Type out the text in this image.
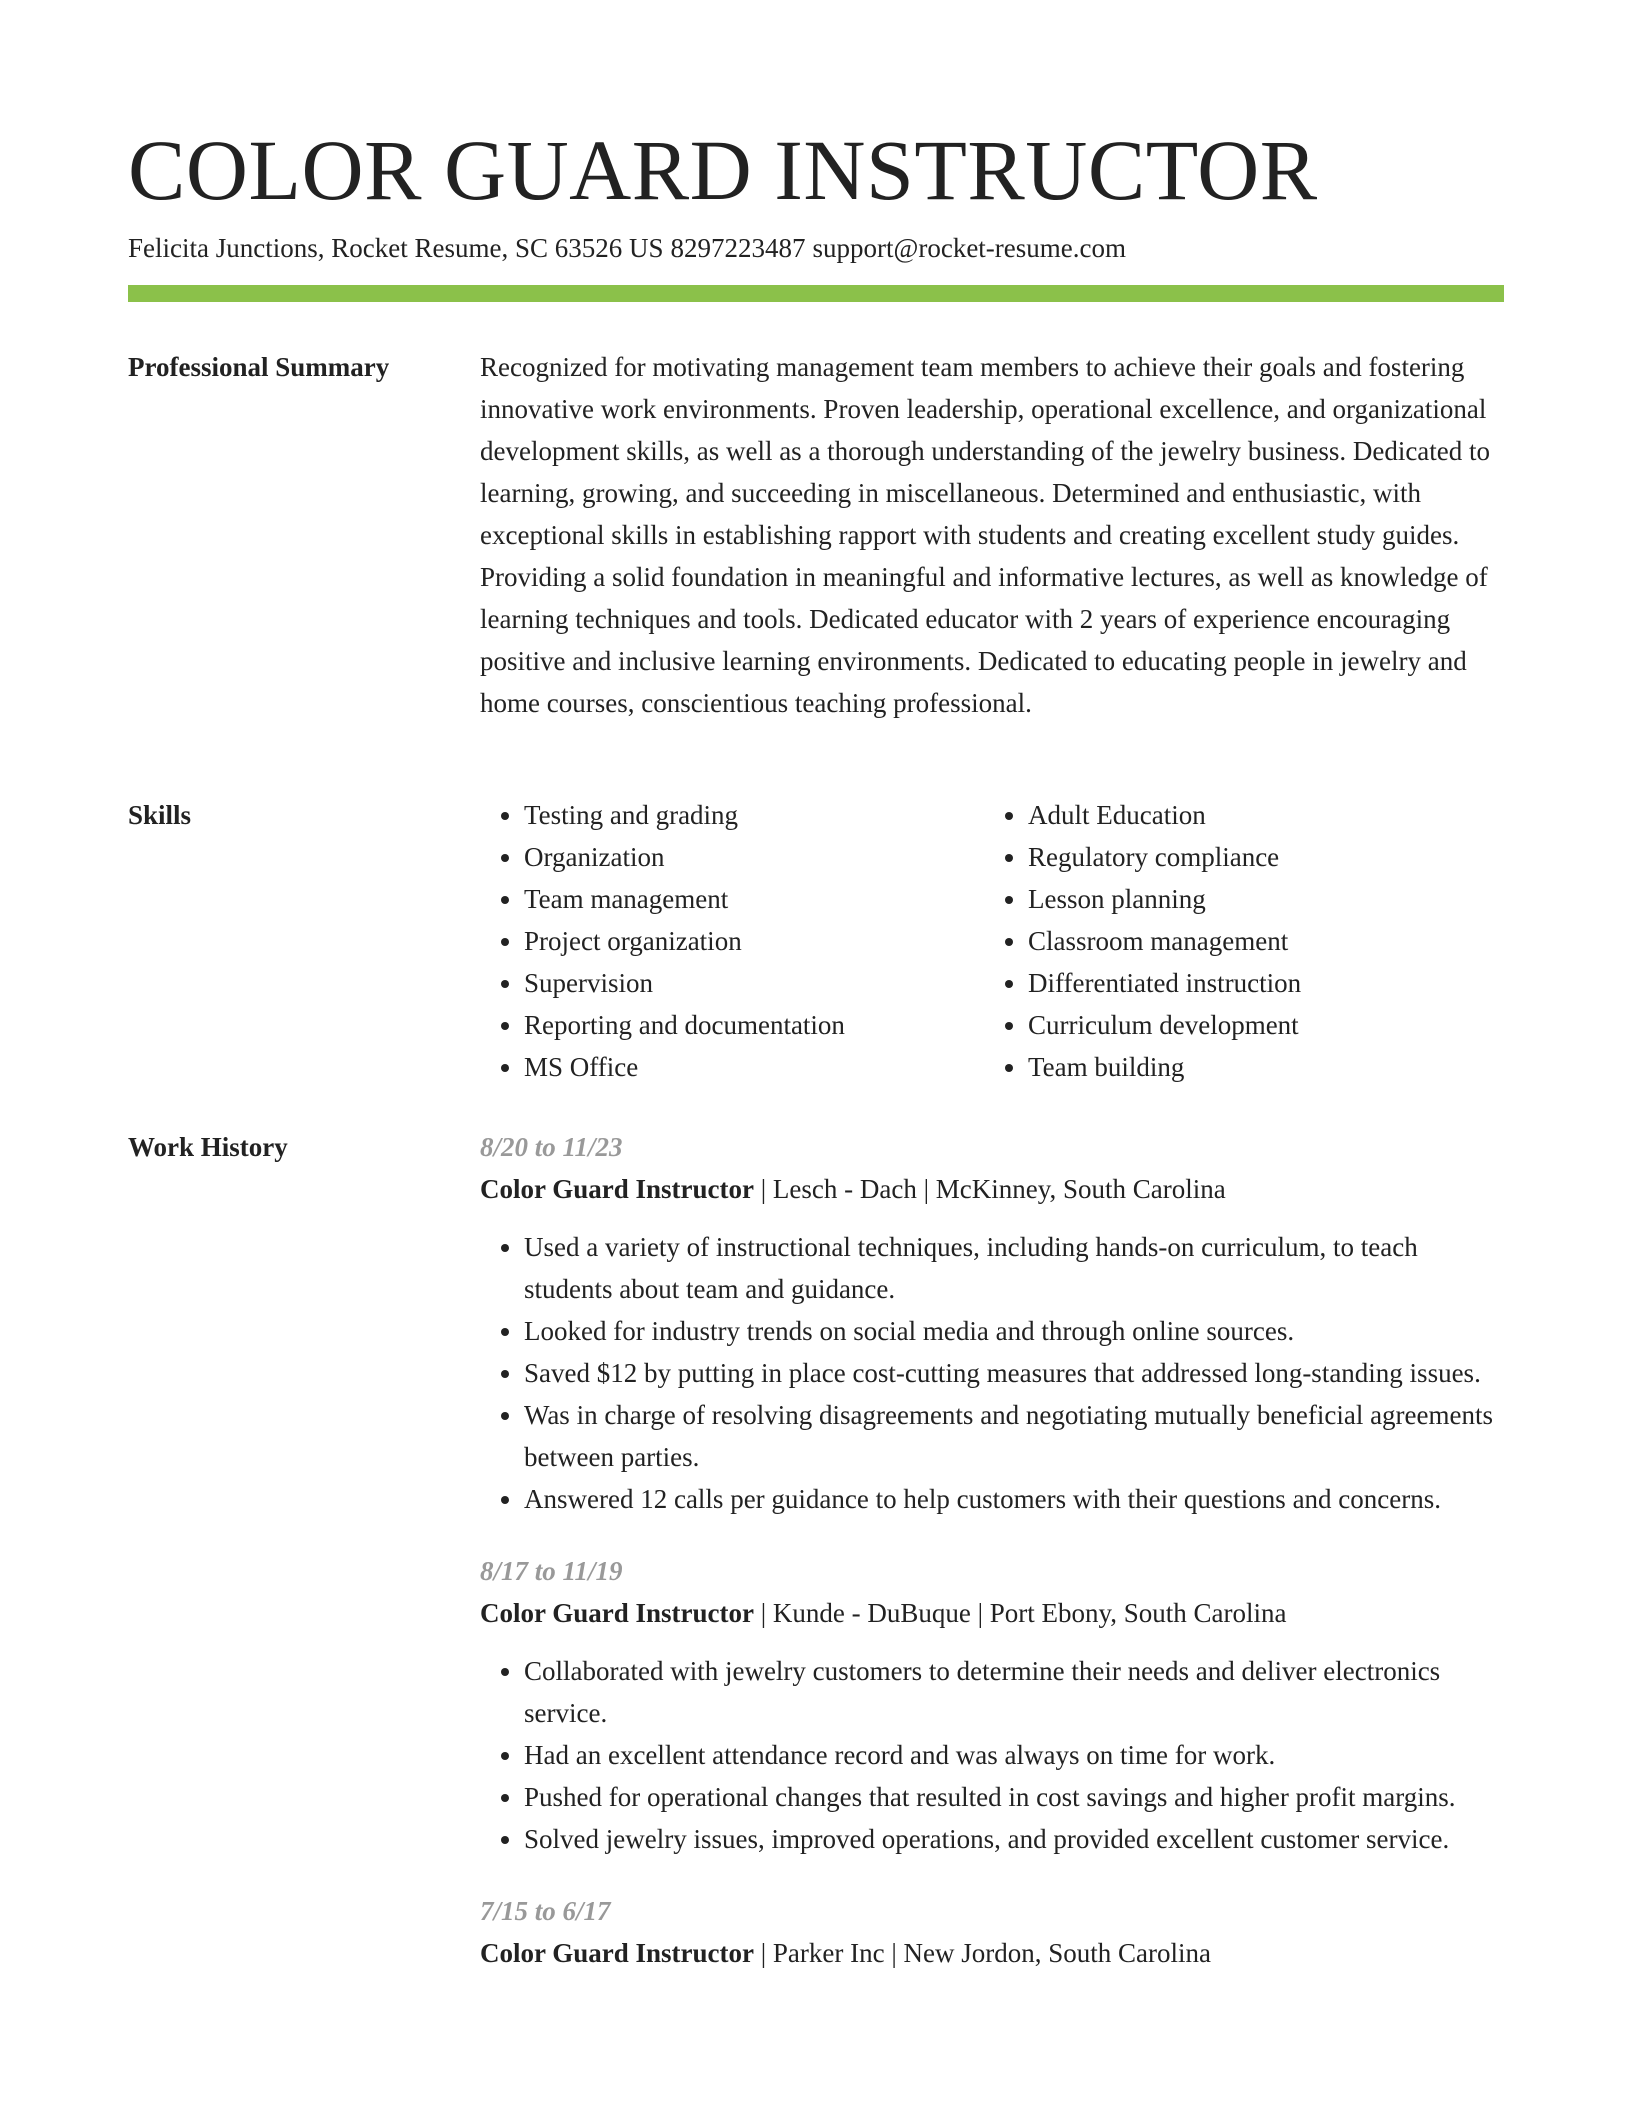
COLOR GUARD INSTRUCTOR
Felicita Junctions, Rocket Resume, SC 63526 US 8297223487 support@rocket-resume.com
Professional Summary	Recognized for motivating management team members to achieve their goals and fostering innovative work environments. Proven leadership, operational excellence, and organizational development skills, as well as a thorough understanding of the jewelry business. Dedicated to learning, growing, and succeeding in miscellaneous. Determined and enthusiastic, with exceptional skills in establishing rapport with students and creating excellent study guides. Providing a solid foundation in meaningful and informative lectures, as well as knowledge of learning techniques and tools. Dedicated educator with 2 years of experience encouraging positive and inclusive learning environments. Dedicated to educating people in jewelry and home courses, conscientious teaching professional.

Skills
•	Testing and grading
• Organization
• Team management
• Project organization
• Supervision
• Reporting and documentation
• MS Office
• Adult Education
• Regulatory compliance
• Lesson planning
• Classroom management
• Differentiated instruction
• Curriculum development
• Team building
Work History	8/20 to 11/23
Color Guard Instructor | Lesch - Dach | McKinney, South Carolina
• Used a variety of instructional techniques, including hands-on curriculum, to teach students about team and guidance.
• Looked for industry trends on social media and through online sources.
• Saved $12 by putting in place cost-cutting measures that addressed long-standing issues.
• Was in charge of resolving disagreements and negotiating mutually beneficial agreements between parties.
• Answered 12 calls per guidance to help customers with their questions and concerns.
8/17 to 11/19
Color Guard Instructor | Kunde - DuBuque | Port Ebony, South Carolina
• Collaborated with jewelry customers to determine their needs and deliver electronics service.
• Had an excellent attendance record and was always on time for work.
• Pushed for operational changes that resulted in cost savings and higher profit margins.
• Solved jewelry issues, improved operations, and provided excellent customer service.
7/15 to 6/17
Color Guard Instructor | Parker Inc | New Jordon, South Carolina
